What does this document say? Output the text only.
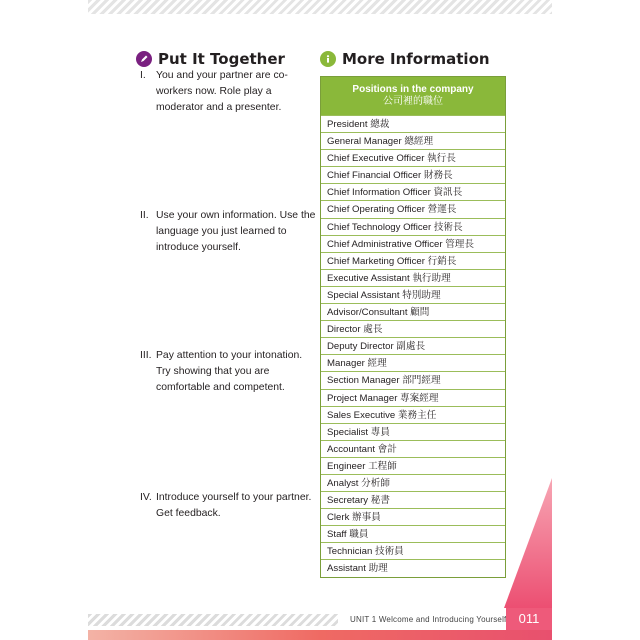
Put It Together	More Information
I. You and your partner are co-workers now. Role play a moderator and a presenter.
II. Use your own information. Use the language you just learned to introduce yourself.
III. Pay attention to your intonation. Try showing that you are comfortable and competent.
IV. Introduce yourself to your partner. Get feedback.
Positions in the company
公司裡的職位
President 總裁
General Manager 總經理
Chief Executive Officer 執行長
Chief Financial Officer 財務長
Chief Information Officer 資訊長
Chief Operating Officer 營運長
Chief Technology Officer 技術長
Chief Administrative Officer 管理長
Chief Marketing Officer 行銷長
Executive Assistant 執行助理
Special Assistant 特別助理
Advisor/Consultant 顧問
Director 處長
Deputy Director 副處長
Manager 經理
Section Manager 部門經理
Project Manager 專案經理
Sales Executive 業務主任
Specialist 專員
Accountant 會計
Engineer 工程師
Analyst 分析師
Secretary 秘書
Clerk 辦事員
Staff 職員
Technician 技術員
Assistant 助理
UNIT 1 Welcome and Introducing Yourself 011
